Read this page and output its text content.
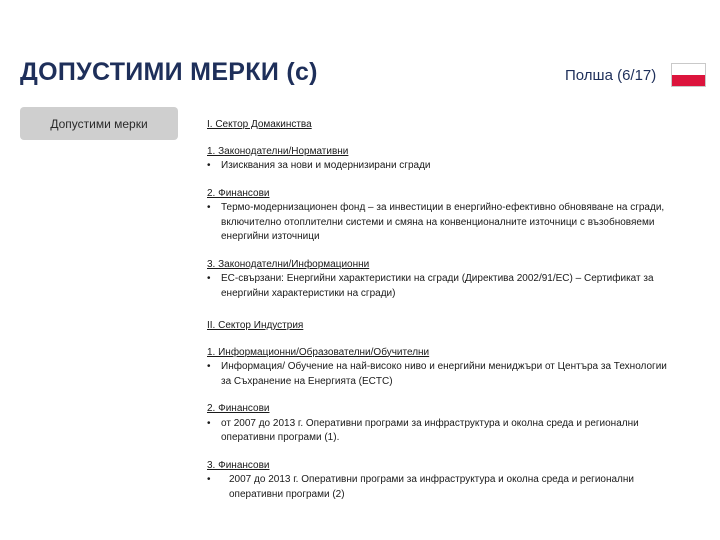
ДОПУСТИМИ МЕРКИ (c)	Полша (6/17)
Допустими мерки	I. Сектор Домакинства

1. Законодателни/Нормативни

• Изисквания за нови и модернизирани сгради

2. Финансови

• Термо-модернизационен фонд – за инвестиции в енергийно-ефективно обновяване на сгради, включително отоплителни системи и смяна на конвенционалните източници с възобновяеми енергийни източници

3. Законодателни/Информационни

• ЕС-свързани: Енергийни характеристики на сгради (Директива 2002/91/ЕС) – Сертификат за енергийни характеристики на сгради)

II. Сектор Индустрия

1. Информационни/Образователни/Обучителни

• Информация/ Обучение на най-високо ниво и енергийни мениджъри от Центъра за Технологии за Съхранение на Енергията (ECTC)

2. Финансови

• от 2007 до 2013 г. Оперативни програми за инфраструктура и околна среда и регионални оперативни програми (1).

3. Финансови

• 2007 до 2013 г. Оперативни програми за инфраструктура и околна среда и регионални оперативни програми (2)
